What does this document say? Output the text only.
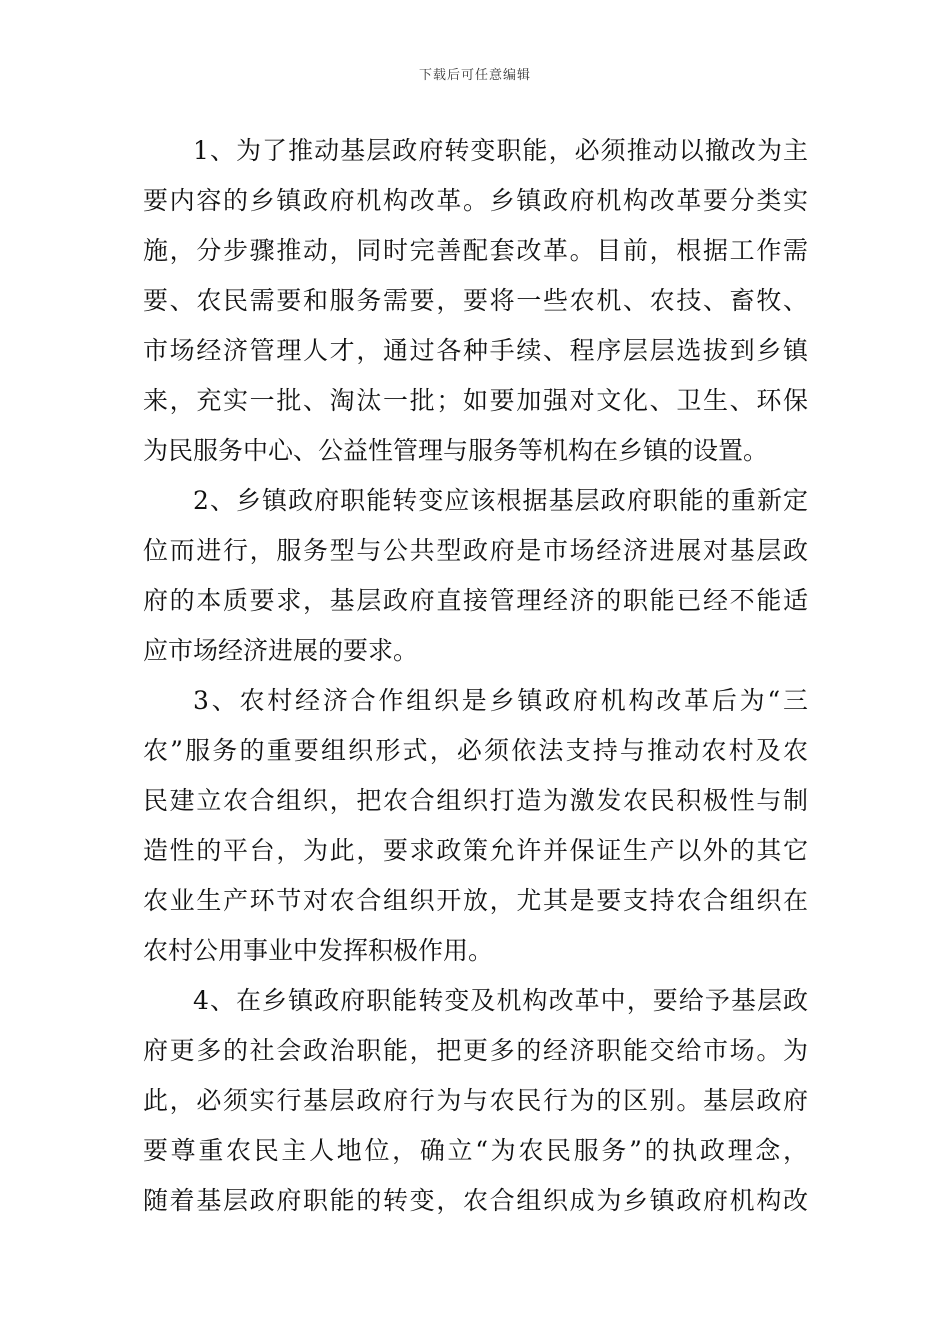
下载后可任意编辑
1、为了推动基层政府转变职能，必须推动以撤改为主
要内容的乡镇政府机构改革。乡镇政府机构改革要分类实
施，分步骤推动，同时完善配套改革。目前，根据工作需
要、农民需要和服务需要，要将一些农机、农技、畜牧、
市场经济管理人才，通过各种手续、程序层层选拔到乡镇
来，充实一批、淘汰一批；如要加强对文化、卫生、环保
为民服务中心、公益性管理与服务等机构在乡镇的设置。
2、乡镇政府职能转变应该根据基层政府职能的重新定
位而进行，服务型与公共型政府是市场经济进展对基层政
府的本质要求，基层政府直接管理经济的职能已经不能适
应市场经济进展的要求。
3、农村经济合作组织是乡镇政府机构改革后为“三
农”服务的重要组织形式，必须依法支持与推动农村及农
民建立农合组织，把农合组织打造为激发农民积极性与制
造性的平台，为此，要求政策允许并保证生产以外的其它
农业生产环节对农合组织开放，尤其是要支持农合组织在
农村公用事业中发挥积极作用。
4、在乡镇政府职能转变及机构改革中，要给予基层政
府更多的社会政治职能，把更多的经济职能交给市场。为
此，必须实行基层政府行为与农民行为的区别。基层政府
要尊重农民主人地位，确立“为农民服务”的执政理念，
随着基层政府职能的转变，农合组织成为乡镇政府机构改
